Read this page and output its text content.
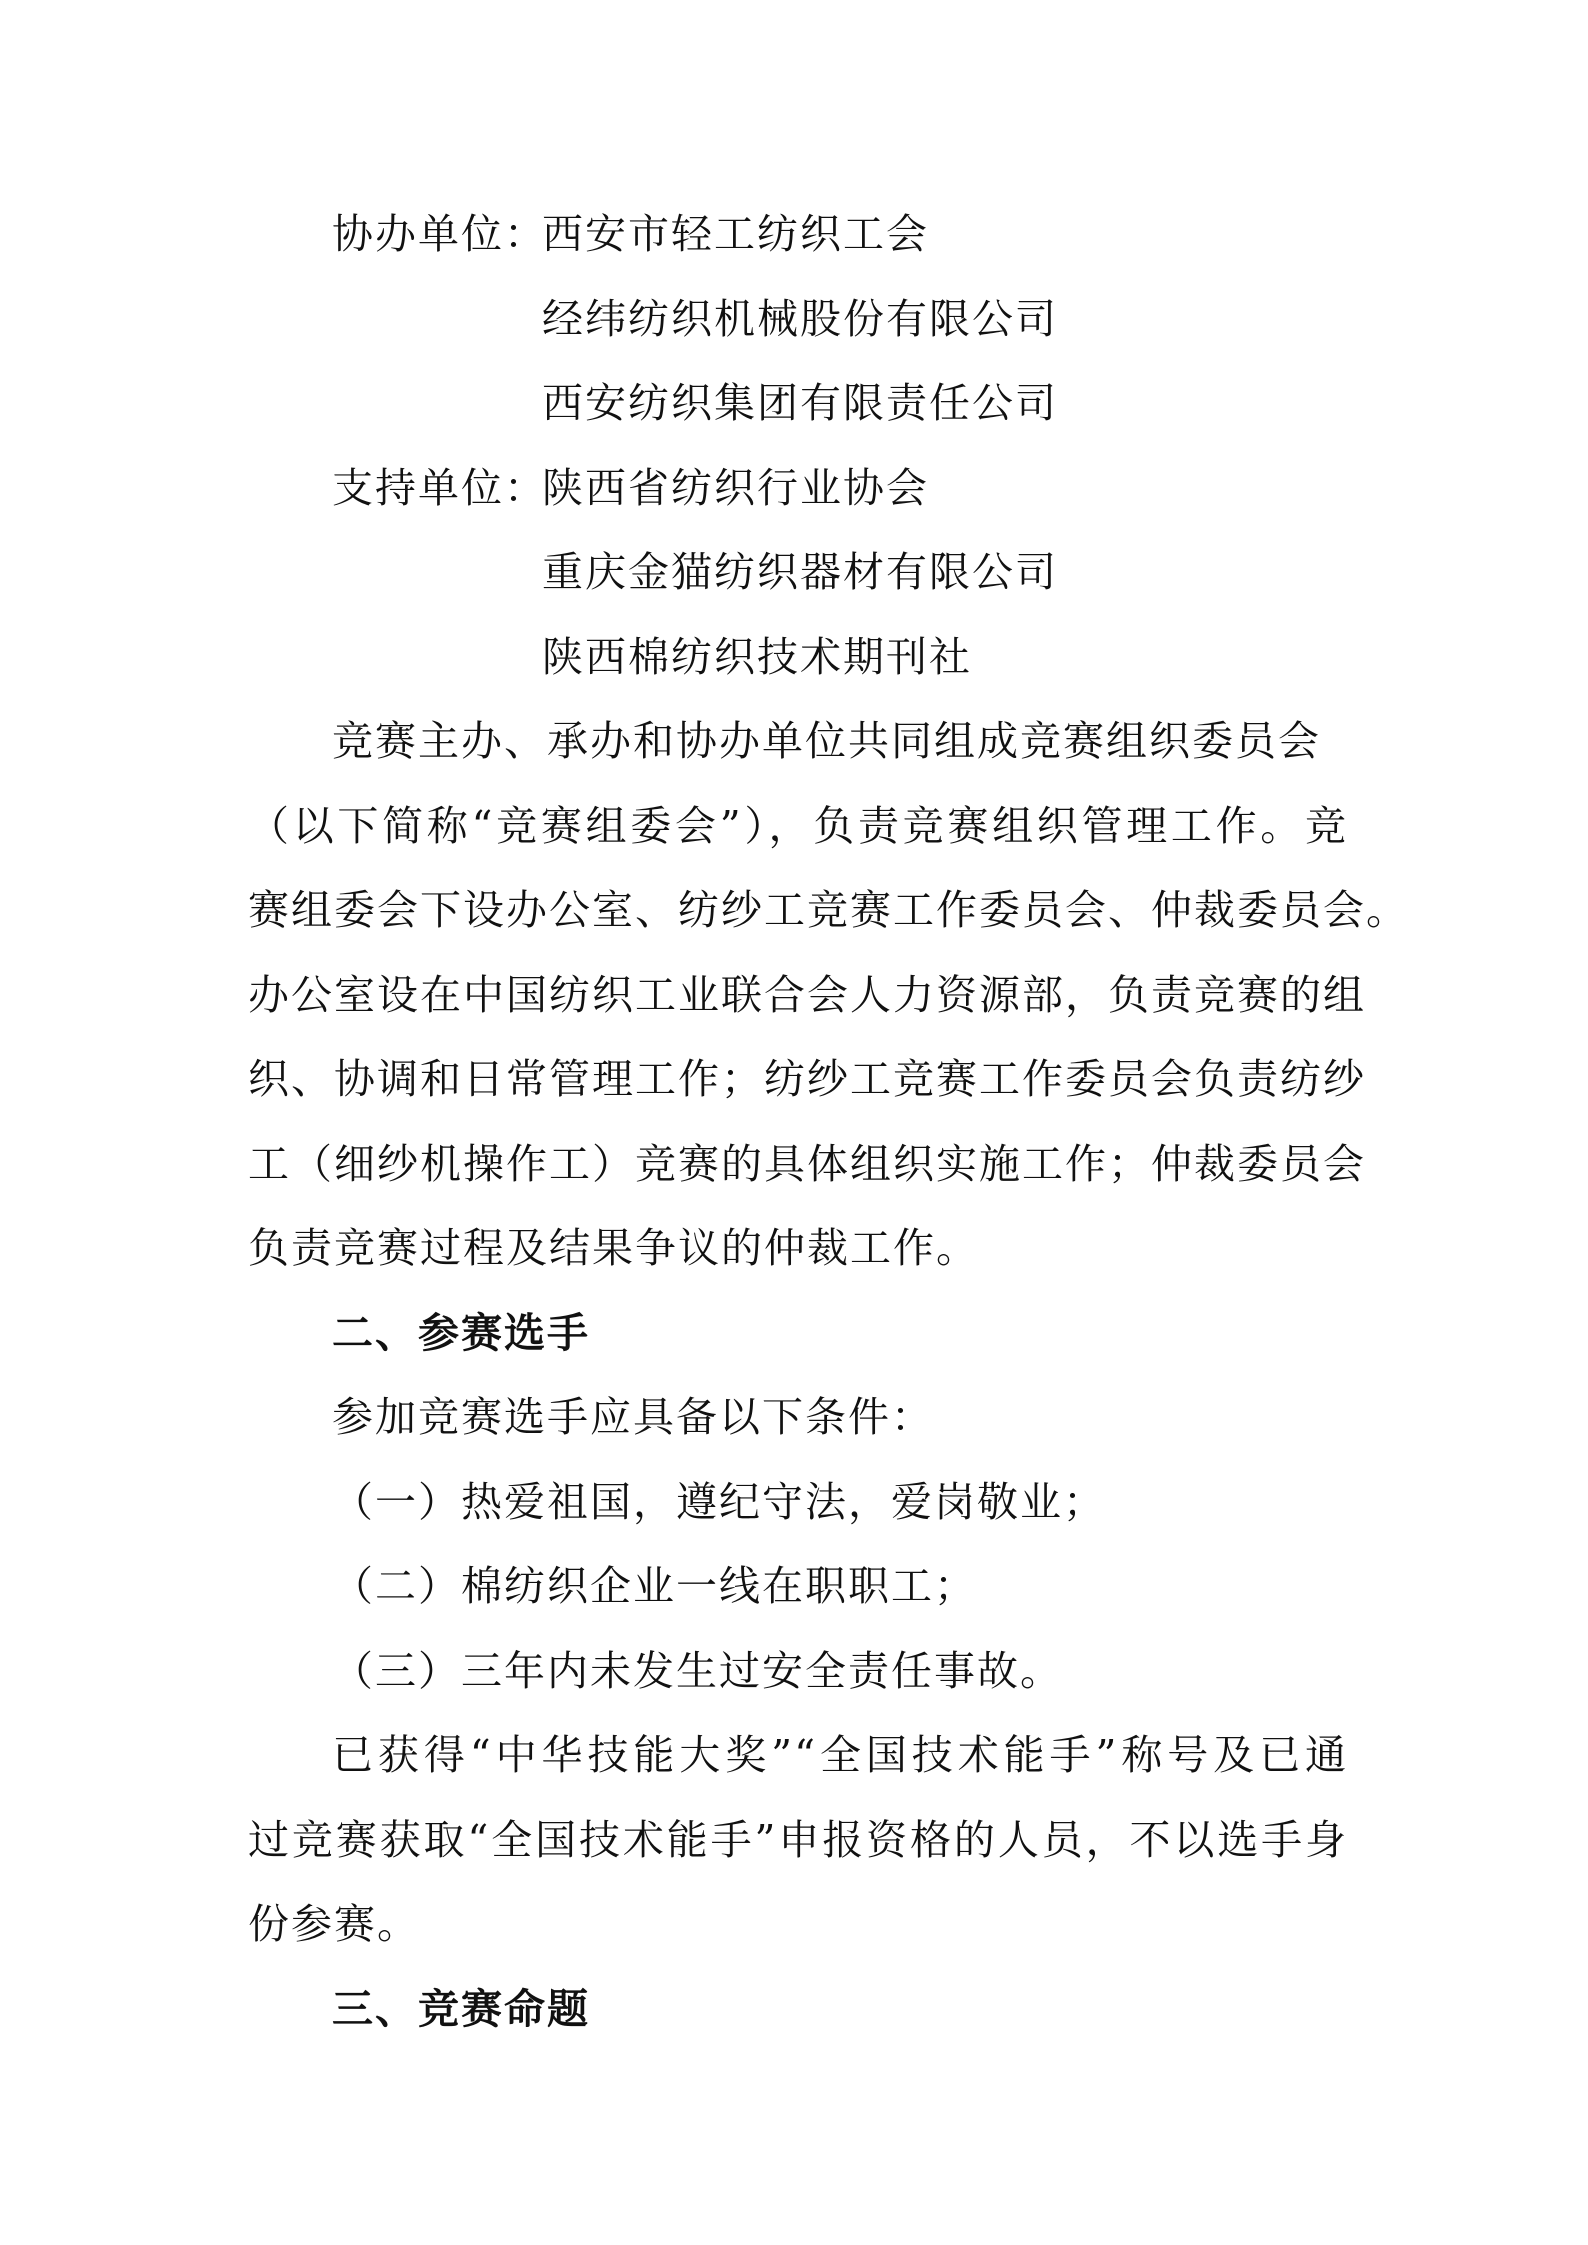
协办单位：
西安市轻工纺织工会
经纬纺织机械股份有限公司
西安纺织集团有限责任公司
支持单位：
陕西省纺织行业协会
重庆金猫纺织器材有限公司
陕西棉纺织技术期刊社
竞赛主办、承办和协办单位共同组成竞赛组织委员会
（以下简称“竞赛组委会”），负责竞赛组织管理工作。竞
赛组委会下设办公室、纺纱工竞赛工作委员会、仲裁委员会。
办公室设在中国纺织工业联合会人力资源部，负责竞赛的组
织、协调和日常管理工作；纺纱工竞赛工作委员会负责纺纱
工（细纱机操作工）竞赛的具体组织实施工作；仲裁委员会
负责竞赛过程及结果争议的仲裁工作。
二、参赛选手
参加竞赛选手应具备以下条件：
（一）热爱祖国，遵纪守法，爱岗敬业；
（二）棉纺织企业一线在职职工；
（三）三年内未发生过安全责任事故。
已获得“中华技能大奖”“全国技术能手”称号及已通
过竞赛获取“全国技术能手”申报资格的人员，不以选手身
份参赛。
三、竞赛命题
